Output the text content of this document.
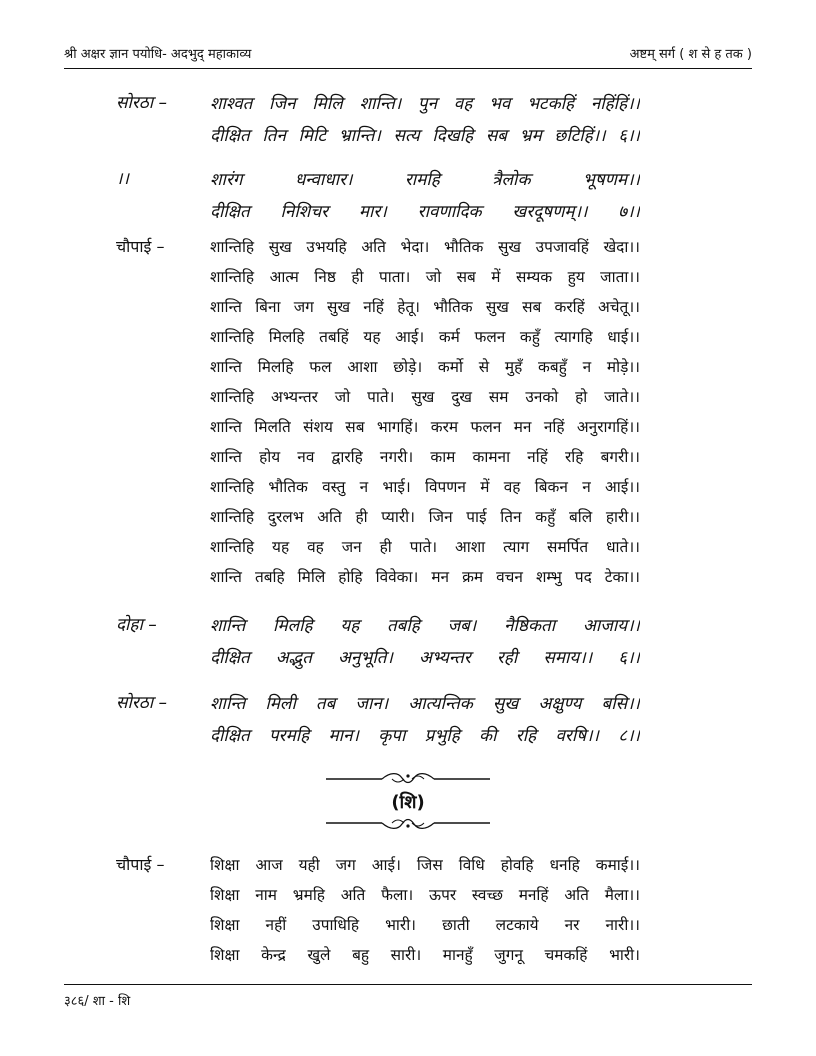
श्री अक्षर ज्ञान पयोधि- अदभुद् महाकाव्य	अष्टम् सर्ग ( श से ह तक )
सोरठा –	शाश्वत जिन मिलि शान्ति। पुन वह भव भटकहिं नहिंहिं।।
दीक्षित तिन मिटि भ्रान्ति। सत्य दिखहि सब भ्रम छटिहिं।। ६।।
।।	शारंग धन्वाधार। रामहि त्रैलोक भूषणम।।
दीक्षित निशिचर मार। रावणादिक खरदूषणम्।। ७।।
चौपाई –	शान्तिहि सुख उभयहि अति भेदा। भौतिक सुख उपजावहिं खेदा।।
शान्तिहि आत्म निष्ठ ही पाता। जो सब में सम्यक हुय जाता।।
शान्ति बिना जग सुख नहिं हेतू। भौतिक सुख सब करहिं अचेतू।।
शान्तिहि मिलहि तबहिं यह आई। कर्म फलन कहुँ त्यागहि धाई।।
शान्ति मिलहि फल आशा छोड़े। कर्मो से मुहँ कबहुँ न मोड़े।।
शान्तिहि अभ्यन्तर जो पाते। सुख दुख सम उनको हो जाते।।
शान्ति मिलति संशय सब भागहिं। करम फलन मन नहिं अनुरागहिं।।
शान्ति होय नव द्वारहि नगरी। काम कामना नहिं रहि बगरी।।
शान्तिहि भौतिक वस्तु न भाई। विपणन में वह बिकन न आई।।
शान्तिहि दुरलभ अति ही प्यारी। जिन पाई तिन कहुँ बलि हारी।।
शान्तिहि यह वह जन ही पाते। आशा त्याग समर्पित धाते।।
शान्ति तबहि मिलि होहि विवेका। मन क्रम वचन शम्भु पद टेका।।
दोहा –	शान्ति मिलहि यह तबहि जब। नैष्ठिकता आजाय।।
दीक्षित अद्भुत अनुभूति। अभ्यन्तर रही समाय।। ६।।
सोरठा –	शान्ति मिली तब जान। आत्यन्तिक सुख अक्षुण्य बसि।।
दीक्षित परमहि मान। कृपा प्रभुहि की रहि वरषि।। ८।।
(शि)
चौपाई –	शिक्षा आज यही जग आई। जिस विधि होवहि धनहि कमाई।।
शिक्षा नाम भ्रमहि अति फैला। ऊपर स्वच्छ मनहिं अति मैला।।
शिक्षा नहीं उपाधिहि भारी। छाती लटकाये नर नारी।।
शिक्षा केन्द्र खुले बहु सारी। मानहुँ जुगनू चमकहिं भारी।
३८६/ शा - शि
